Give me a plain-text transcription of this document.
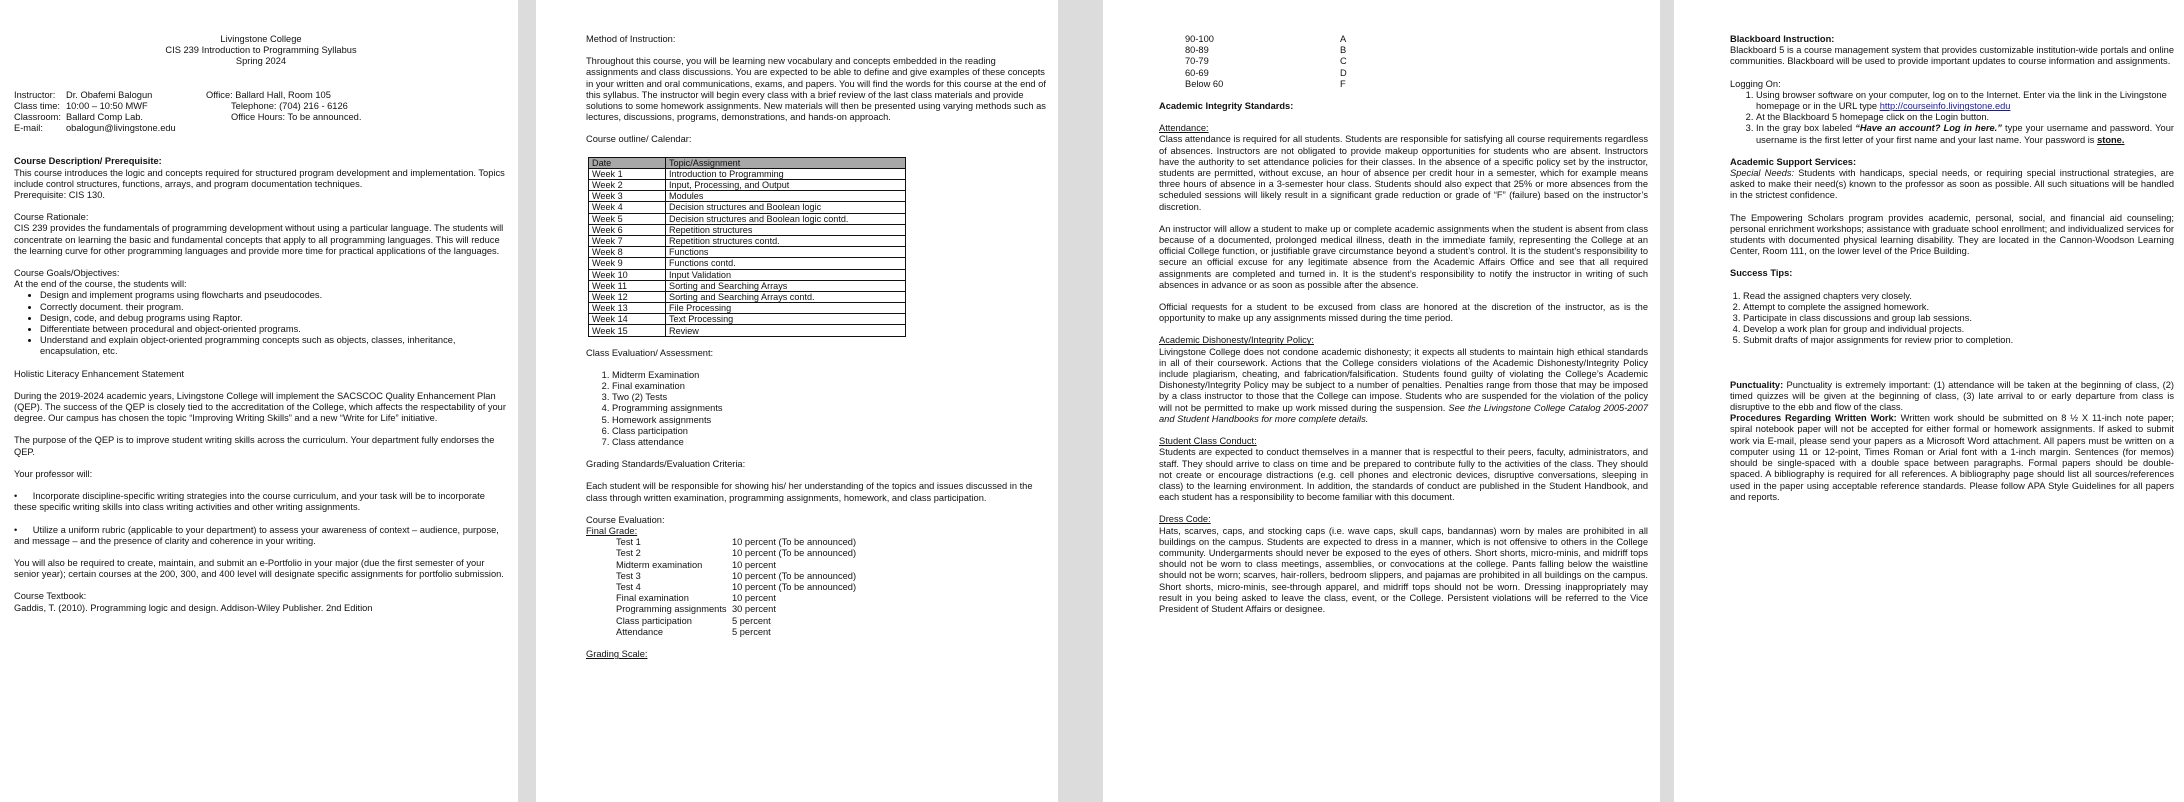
Livingstone College

CIS 239 Introduction to Programming Syllabus

Spring 2024

Instructor:	Dr. Obafemi Balogun	Office: Ballard Hall, Room 105
Class time: 10:00 – 10:50 MWF	Telephone: (704) 216 - 6126
Classroom: Ballard Comp Lab.	Office Hours: To be announced.
E-mail:	obalogun@livingstone.edu

Course Description/ Prerequisite:

This course introduces the logic and concepts required for structured program development and implementation. Topics include control structures, functions, arrays, and program documentation techniques.

Prerequisite: CIS 130.

Course Rationale:

CIS 239 provides the fundamentals of programming development without using a particular language. The students will concentrate on learning the basic and fundamental concepts that apply to all programming languages. This will reduce the learning curve for other programming languages and provide more time for practical applications of the languages.

Course Goals/Objectives:

At the end of the course, the students will:

• Design and implement programs using flowcharts and pseudocodes.
• Correctly document. their program.
• Design, code, and debug programs using Raptor.
• Differentiate between procedural and object-oriented programs.
• Understand and explain object-oriented programming concepts such as objects, classes, inheritance, encapsulation, etc.

Holistic Literacy Enhancement Statement

During the 2019-2024 academic years, Livingstone College will implement the SACSCOC Quality Enhancement Plan (QEP). The success of the QEP is closely tied to the accreditation of the College, which affects the respectability of your degree. Our campus has chosen the topic “Improving Writing Skills” and a new “Write for Life” initiative.

The purpose of the QEP is to improve student writing skills across the curriculum. Your department fully endorses the QEP.

Your professor will:

•      Incorporate discipline-specific writing strategies into the course curriculum, and your task will be to incorporate these specific writing skills into class writing activities and other writing assignments.

•      Utilize a uniform rubric (applicable to your department) to assess your awareness of context – audience, purpose, and message – and the presence of clarity and coherence in your writing.

You will also be required to create, maintain, and submit an e-Portfolio in your major (due the first semester of your senior year); certain courses at the 200, 300, and 400 level will designate specific assignments for portfolio submission.

Course Textbook:

Gaddis, T. (2010). Programming logic and design. Addison-Wiley Publisher. 2nd Edition

Method of Instruction:

Throughout this course, you will be learning new vocabulary and concepts embedded in the reading assignments and class discussions. You are expected to be able to define and give examples of these concepts in your written and oral communications, exams, and papers. You will find the words for this course at the end of this syllabus. The instructor will begin every class with a brief review of the last class materials and provide solutions to some homework assignments. New materials will then be presented using varying methods such as lectures, discussions, programs, demonstrations, and hands-on approach.

Course outline/ Calendar:

Date	Topic/Assignment
Week 1	Introduction to Programming
Week 2	Input, Processing, and Output
Week 3	Modules
Week 4	Decision structures and Boolean logic
Week 5	Decision structures and Boolean logic contd.
Week 6	Repetition structures
Week 7	Repetition structures contd.
Week 8	Functions
Week 9	Functions contd.
Week 10	Input Validation
Week 11	Sorting and Searching Arrays
Week 12	Sorting and Searching Arrays contd.
Week 13	File Processing
Week 14	Text Processing
Week 15	Review

Class Evaluation/ Assessment:

1. Midterm Examination
2. Final examination
3. Two (2) Tests
4. Programming assignments
5. Homework assignments
6. Class participation
7. Class attendance

Grading Standards/Evaluation Criteria:

Each student will be responsible for showing his/ her understanding of the topics and issues discussed in the class through written examination, programming assignments, homework, and class participation.

Course Evaluation:

Final Grade:

Test 1	10 percent (To be announced)
Test 2	10 percent (To be announced)
Midterm examination	10 percent
Test 3	10 percent (To be announced)
Test 4	10 percent (To be announced)
Final examination	10 percent
Programming assignments 30 percent
Class participation	5 percent
Attendance	5 percent

Grading Scale:

90-100	A
80-89	B
70-79	C
60-69	D
Below 60	F

Academic Integrity Standards:

Attendance:

Class attendance is required for all students. Students are responsible for satisfying all course requirements regardless of absences. Instructors are not obligated to provide makeup opportunities for students who are absent. Instructors have the authority to set attendance policies for their classes. In the absence of a specific policy set by the instructor, students are permitted, without excuse, an hour of absence per credit hour in a semester, which for example means three hours of absence in a 3-semester hour class. Students should also expect that 25% or more absences from the scheduled sessions will likely result in a significant grade reduction or grade of “F” (failure) based on the instructor’s discretion.

An instructor will allow a student to make up or complete academic assignments when the student is absent from class because of a documented, prolonged medical illness, death in the immediate family, representing the College at an official College function, or justifiable grave circumstance beyond a student’s control. It is the student’s responsibility to secure an official excuse for any legitimate absence from the Academic Affairs Office and see that all required assignments are completed and turned in. It is the student’s responsibility to notify the instructor in writing of such absences in advance or as soon as possible after the absence.

Official requests for a student to be excused from class are honored at the discretion of the instructor, as is the opportunity to make up any assignments missed during the time period.

Academic Dishonesty/Integrity Policy:

Livingstone College does not condone academic dishonesty; it expects all students to maintain high ethical standards in all of their coursework. Actions that the College considers violations of the Academic Dishonesty/Integrity Policy include plagiarism, cheating, and fabrication/falsification. Students found guilty of violating the College’s Academic Dishonesty/Integrity Policy may be subject to a number of penalties. Penalties range from those that may be imposed by a class instructor to those that the College can impose. Students who are suspended for the violation of the policy will not be permitted to make up work missed during the suspension. See the Livingstone College Catalog 2005-2007 and Student Handbooks for more complete details.

Student Class Conduct:

Students are expected to conduct themselves in a manner that is respectful to their peers, faculty, administrators, and staff. They should arrive to class on time and be prepared to contribute fully to the activities of the class. They should not create or encourage distractions (e.g. cell phones and electronic devices, disruptive conversations, sleeping in class) to the learning environment. In addition, the standards of conduct are published in the Student Handbook, and each student has a responsibility to become familiar with this document.

Dress Code:

Hats, scarves, caps, and stocking caps (i.e. wave caps, skull caps, bandannas) worn by males are prohibited in all buildings on the campus. Students are expected to dress in a manner, which is not offensive to others in the College community. Undergarments should never be exposed to the eyes of others. Short shorts, micro-minis, and midriff tops should not be worn to class meetings, assemblies, or convocations at the college. Pants falling below the waistline should not be worn; scarves, hair-rollers, bedroom slippers, and pajamas are prohibited in all buildings on the campus. Short shorts, micro-minis, see-through apparel, and midriff tops should not be worn. Dressing inappropriately may result in you being asked to leave the class, event, or the College. Persistent violations will be referred to the Vice President of Student Affairs or designee.

Blackboard Instruction:

Blackboard 5 is a course management system that provides customizable institution-wide portals and online communities. Blackboard will be used to provide important updates to course information and assignments.

Logging On:

1. Using browser software on your computer, log on to the Internet. Enter via the link in the Livingstone homepage or in the URL type http://courseinfo.livingstone.edu
2. At the Blackboard 5 homepage click on the Login button.
3. In the gray box labeled “Have an account? Log in here.” type your username and password. Your username is the first letter of your first name and your last name. Your password is stone.

Academic Support Services:

Special Needs: Students with handicaps, special needs, or requiring special instructional strategies, are asked to make their need(s) known to the professor as soon as possible. All such situations will be handled in the strictest confidence.

The Empowering Scholars program provides academic, personal, social, and financial aid counseling; personal enrichment workshops; assistance with graduate school enrollment; and individualized services for students with documented physical learning disability. They are located in the Cannon-Woodson Learning Center, Room 111, on the lower level of the Price Building.

Success Tips:

1. Read the assigned chapters very closely.
2. Attempt to complete the assigned homework.
3. Participate in class discussions and group lab sessions.
4. Develop a work plan for group and individual projects.
5. Submit drafts of major assignments for review prior to completion.

Punctuality: Punctuality is extremely important: (1) attendance will be taken at the beginning of class, (2) timed quizzes will be given at the beginning of class, (3) late arrival to or early departure from class is disruptive to the ebb and flow of the class.

Procedures Regarding Written Work: Written work should be submitted on 8 ½ X 11-inch note paper; spiral notebook paper will not be accepted for either formal or homework assignments. If asked to submit work via E-mail, please send your papers as a Microsoft Word attachment. All papers must be written on a computer using 11 or 12-point, Times Roman or Arial font with a 1-inch margin. Sentences (for memos) should be single-spaced with a double space between paragraphs. Formal papers should be double-spaced. A bibliography is required for all references. A bibliography page should list all sources/references used in the paper using acceptable reference standards. Please follow APA Style Guidelines for all papers and reports.
